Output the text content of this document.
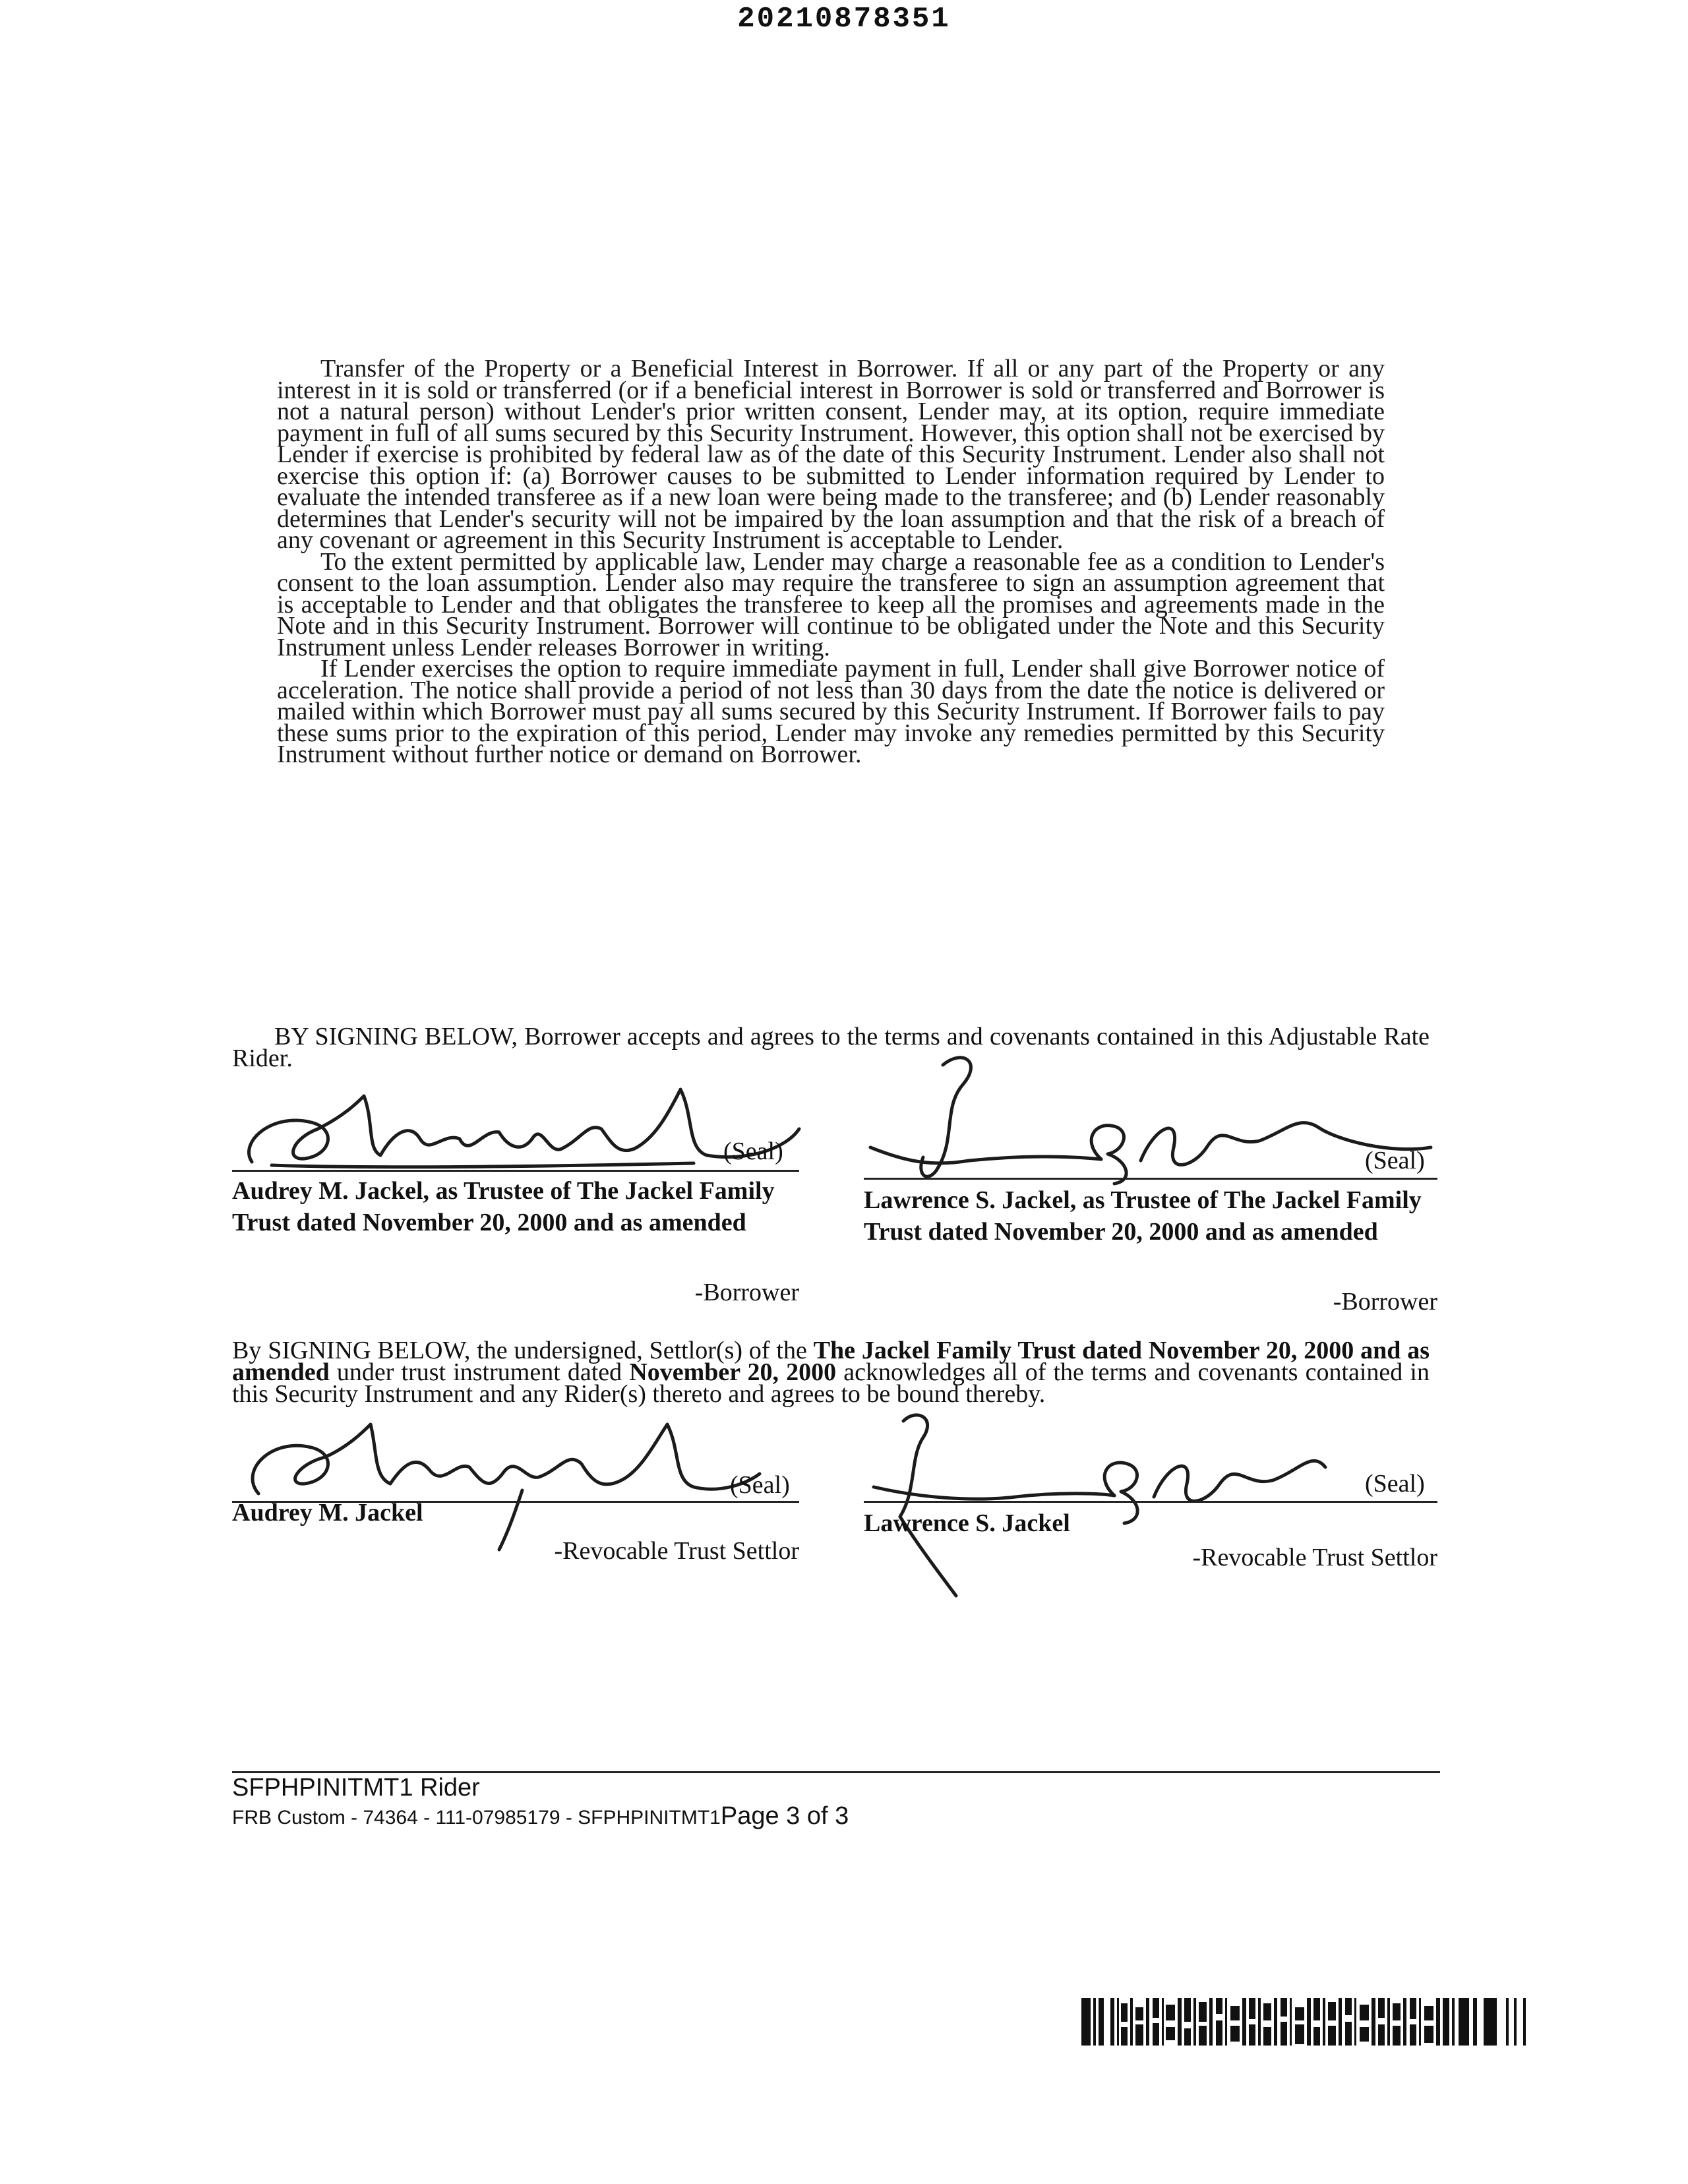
20210878351

Transfer of the Property or a Beneficial Interest in Borrower. If all or any part of the Property or any interest in it is sold or transferred (or if a beneficial interest in Borrower is sold or transferred and Borrower is not a natural person) without Lender's prior written consent, Lender may, at its option, require immediate payment in full of all sums secured by this Security Instrument. However, this option shall not be exercised by Lender if exercise is prohibited by federal law as of the date of this Security Instrument. Lender also shall not exercise this option if: (a) Borrower causes to be submitted to Lender information required by Lender to evaluate the intended transferee as if a new loan were being made to the transferee; and (b) Lender reasonably determines that Lender's security will not be impaired by the loan assumption and that the risk of a breach of any covenant or agreement in this Security Instrument is acceptable to Lender.

To the extent permitted by applicable law, Lender may charge a reasonable fee as a condition to Lender's consent to the loan assumption. Lender also may require the transferee to sign an assumption agreement that is acceptable to Lender and that obligates the transferee to keep all the promises and agreements made in the Note and in this Security Instrument. Borrower will continue to be obligated under the Note and this Security Instrument unless Lender releases Borrower in writing.

If Lender exercises the option to require immediate payment in full, Lender shall give Borrower notice of acceleration. The notice shall provide a period of not less than 30 days from the date the notice is delivered or mailed within which Borrower must pay all sums secured by this Security Instrument. If Borrower fails to pay these sums prior to the expiration of this period, Lender may invoke any remedies permitted by this Security Instrument without further notice or demand on Borrower.

BY SIGNING BELOW, Borrower accepts and agrees to the terms and covenants contained in this Adjustable Rate Rider.
(Seal)
Audrey M. Jackel, as Trustee of The Jackel Family Trust dated November 20, 2000 and as amended
-Borrower
(Seal)
Lawrence S. Jackel, as Trustee of The Jackel Family Trust dated November 20, 2000 and as amended
-Borrower
By SIGNING BELOW, the undersigned, Settlor(s) of the The Jackel Family Trust dated November 20, 2000 and as amended under trust instrument dated November 20, 2000 acknowledges all of the terms and covenants contained in this Security Instrument and any Rider(s) thereto and agrees to be bound thereby.
(Seal)
Audrey M. Jackel
-Revocable Trust Settlor
(Seal)
Lawrence S. Jackel
-Revocable Trust Settlor
SFPHPINITMT1 Rider
FRB Custom - 74364 - 111-07985179 - SFPHPINITMT1Page 3 of 3
